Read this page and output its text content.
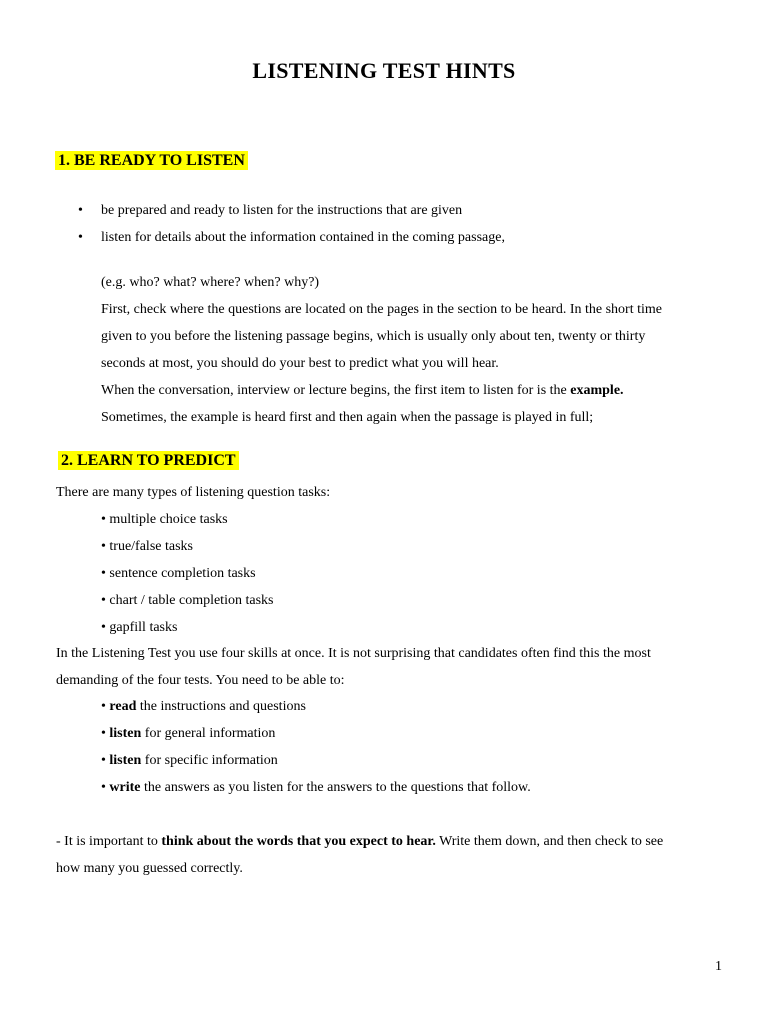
LISTENING TEST HINTS
1. BE READY TO LISTEN
• be prepared and ready to listen for the instructions that are given
• listen for details about the information contained in the coming passage,
(e.g. who? what? where? when? why?)
First, check where the questions are located on the pages in the section to be heard. In the short time
given to you before the listening passage begins, which is usually only about ten, twenty or thirty
seconds at most, you should do your best to predict what you will hear.
When the conversation, interview or lecture begins, the first item to listen for is the example.
Sometimes, the example is heard first and then again when the passage is played in full;
2. LEARN TO PREDICT
There are many types of listening question tasks:
• multiple choice tasks
• true/false tasks
• sentence completion tasks
• chart / table completion tasks
• gapfill tasks
In the Listening Test you use four skills at once. It is not surprising that candidates often find this the most
demanding of the four tests. You need to be able to:
• read the instructions and questions
• listen for general information
• listen for specific information
• write the answers as you listen for the answers to the questions that follow.
- It is important to think about the words that you expect to hear. Write them down, and then check to see
how many you guessed correctly.
1
